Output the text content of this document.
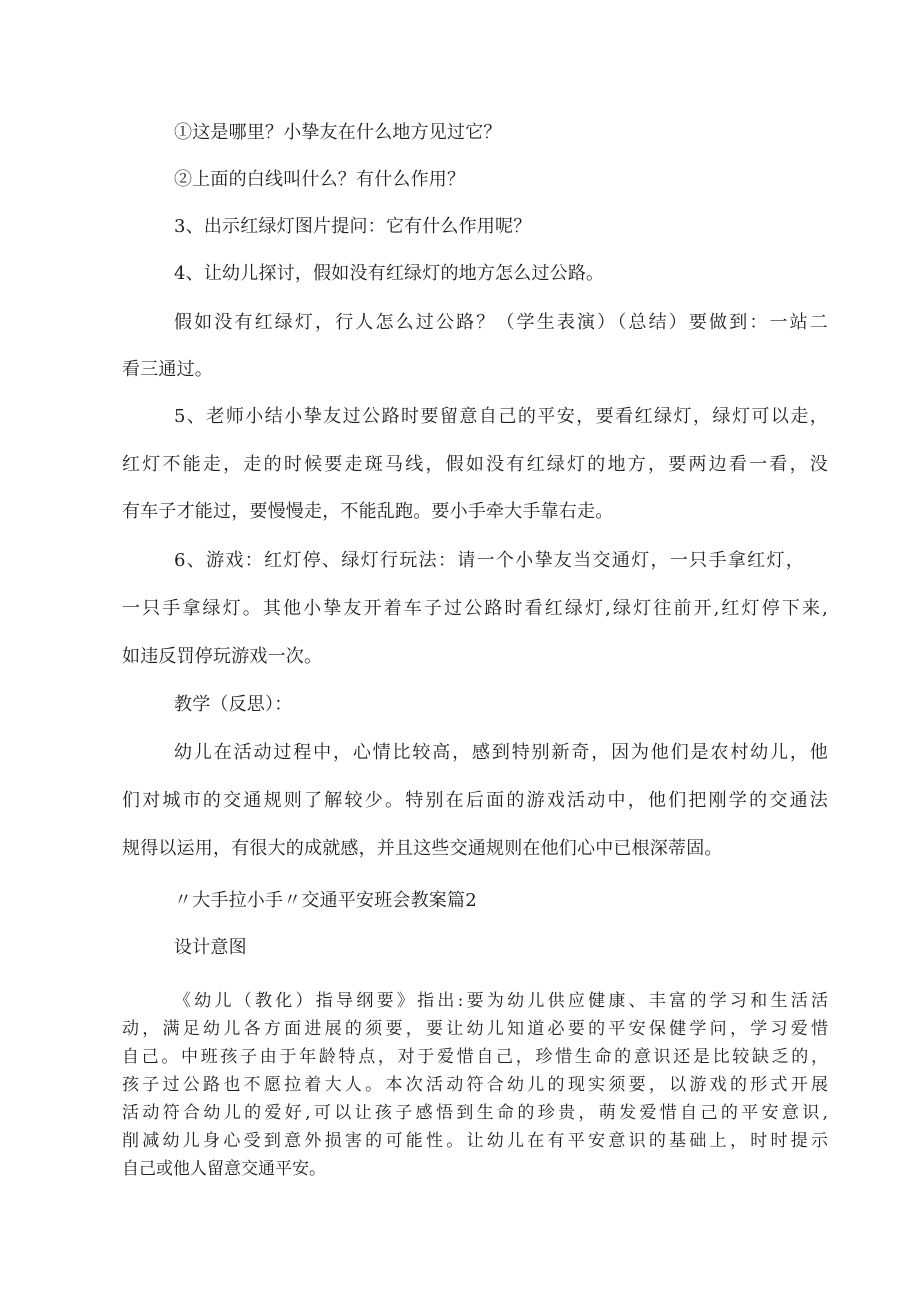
①这是哪里？小挚友在什么地方见过它？
②上面的白线叫什么？有什么作用？
3、出示红绿灯图片提问：它有什么作用呢？
4、让幼儿探讨，假如没有红绿灯的地方怎么过公路。
假如没有红绿灯，行人怎么过公路？（学生表演）（总结）要做到：一站二
看三通过。
5、老师小结小挚友过公路时要留意自己的平安，要看红绿灯，绿灯可以走，
红灯不能走，走的时候要走斑马线，假如没有红绿灯的地方，要两边看一看，没
有车子才能过，要慢慢走，不能乱跑。要小手牵大手靠右走。
6、游戏：红灯停、绿灯行玩法：请一个小挚友当交通灯，一只手拿红灯，
一只手拿绿灯。其他小挚友开着车子过公路时看红绿灯,绿灯往前开,红灯停下来,
如违反罚停玩游戏一次。
教学（反思）：
幼儿在活动过程中，心情比较高，感到特别新奇，因为他们是农村幼儿，他
们对城市的交通规则了解较少。特别在后面的游戏活动中，他们把刚学的交通法
规得以运用，有很大的成就感，并且这些交通规则在他们心中已根深蒂固。
〃大手拉小手〃交通平安班会教案篇2
设计意图
《幼儿（教化）指导纲要》指出:要为幼儿供应健康、丰富的学习和生活活
动，满足幼儿各方面进展的须要，要让幼儿知道必要的平安保健学问，学习爱惜
自己。中班孩子由于年龄特点，对于爱惜自己，珍惜生命的意识还是比较缺乏的，
孩子过公路也不愿拉着大人。本次活动符合幼儿的现实须要，以游戏的形式开展
活动符合幼儿的爱好,可以让孩子感悟到生命的珍贵，萌发爱惜自己的平安意识,
削减幼儿身心受到意外损害的可能性。让幼儿在有平安意识的基础上，时时提示
自己或他人留意交通平安。
